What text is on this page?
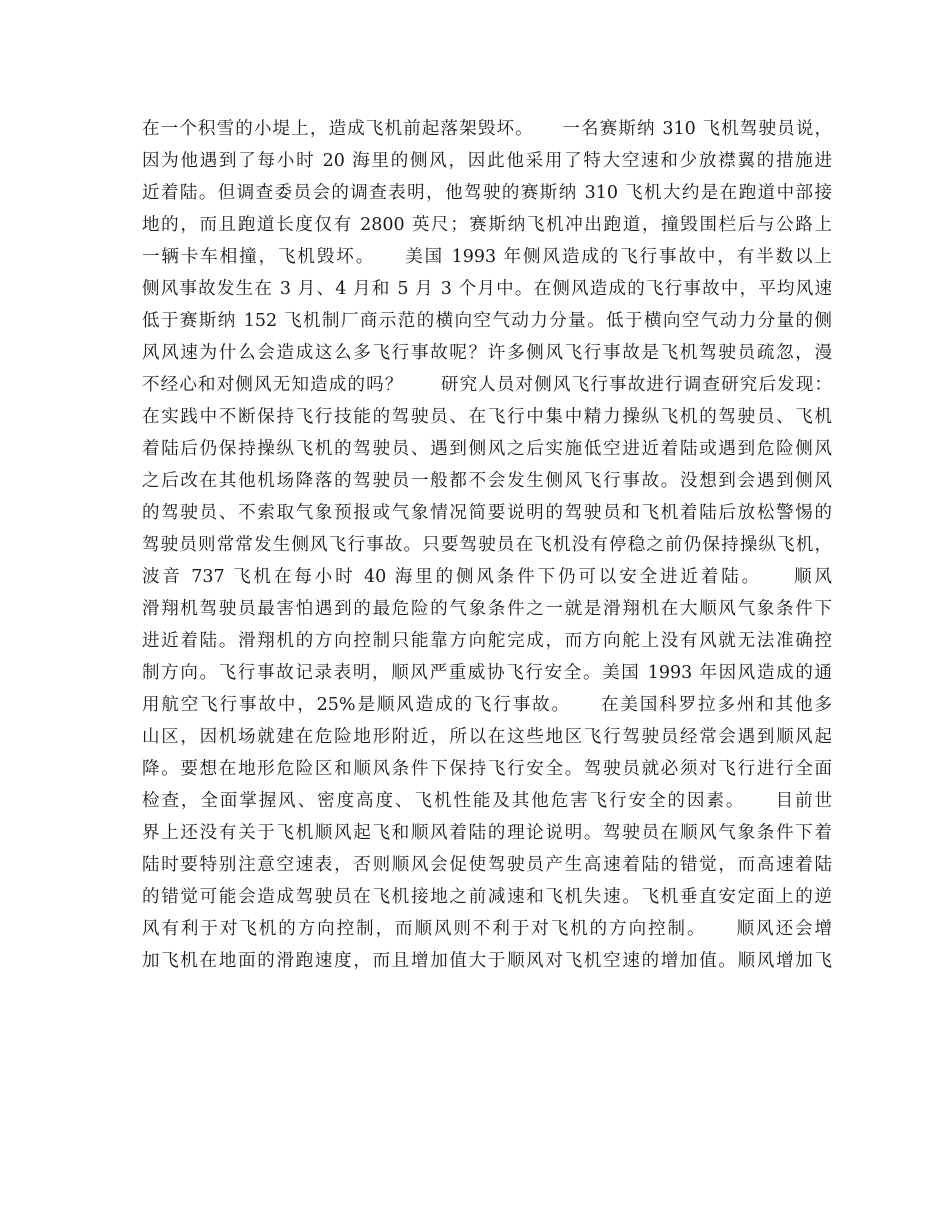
在一个积雪的小堤上，造成飞机前起落架毁坏。　　一名赛斯纳 310 飞机驾驶员说，
因为他遇到了每小时 20 海里的侧风，因此他采用了特大空速和少放襟翼的措施进
近着陆。但调查委员会的调查表明，他驾驶的赛斯纳 310 飞机大约是在跑道中部接
地的，而且跑道长度仅有 2800 英尺；赛斯纳飞机冲出跑道，撞毁围栏后与公路上
一辆卡车相撞，飞机毁坏。　　美国 1993 年侧风造成的飞行事故中，有半数以上
侧风事故发生在 3 月、4 月和 5 月 3 个月中。在侧风造成的飞行事故中，平均风速
低于赛斯纳 152 飞机制厂商示范的横向空气动力分量。低于横向空气动力分量的侧
风风速为什么会造成这么多飞行事故呢？许多侧风飞行事故是飞机驾驶员疏忽，漫
不经心和对侧风无知造成的吗？　　研究人员对侧风飞行事故进行调查研究后发现：
在实践中不断保持飞行技能的驾驶员、在飞行中集中精力操纵飞机的驾驶员、飞机
着陆后仍保持操纵飞机的驾驶员、遇到侧风之后实施低空进近着陆或遇到危险侧风
之后改在其他机场降落的驾驶员一般都不会发生侧风飞行事故。没想到会遇到侧风
的驾驶员、不索取气象预报或气象情况简要说明的驾驶员和飞机着陆后放松警惕的
驾驶员则常常发生侧风飞行事故。只要驾驶员在飞机没有停稳之前仍保持操纵飞机，
波音 737 飞机在每小时 40 海里的侧风条件下仍可以安全进近着陆。　　顺风
滑翔机驾驶员最害怕遇到的最危险的气象条件之一就是滑翔机在大顺风气象条件下
进近着陆。滑翔机的方向控制只能靠方向舵完成，而方向舵上没有风就无法准确控
制方向。飞行事故记录表明，顺风严重威协飞行安全。美国 1993 年因风造成的通
用航空飞行事故中，25%是顺风造成的飞行事故。　　在美国科罗拉多州和其他多
山区，因机场就建在危险地形附近，所以在这些地区飞行驾驶员经常会遇到顺风起
降。要想在地形危险区和顺风条件下保持飞行安全。驾驶员就必须对飞行进行全面
检查，全面掌握风、密度高度、飞机性能及其他危害飞行安全的因素。　　目前世
界上还没有关于飞机顺风起飞和顺风着陆的理论说明。驾驶员在顺风气象条件下着
陆时要特别注意空速表，否则顺风会促使驾驶员产生高速着陆的错觉，而高速着陆
的错觉可能会造成驾驶员在飞机接地之前减速和飞机失速。飞机垂直安定面上的逆
风有利于对飞机的方向控制，而顺风则不利于对飞机的方向控制。　　顺风还会增
加飞机在地面的滑跑速度，而且增加值大于顺风对飞机空速的增加值。顺风增加飞
